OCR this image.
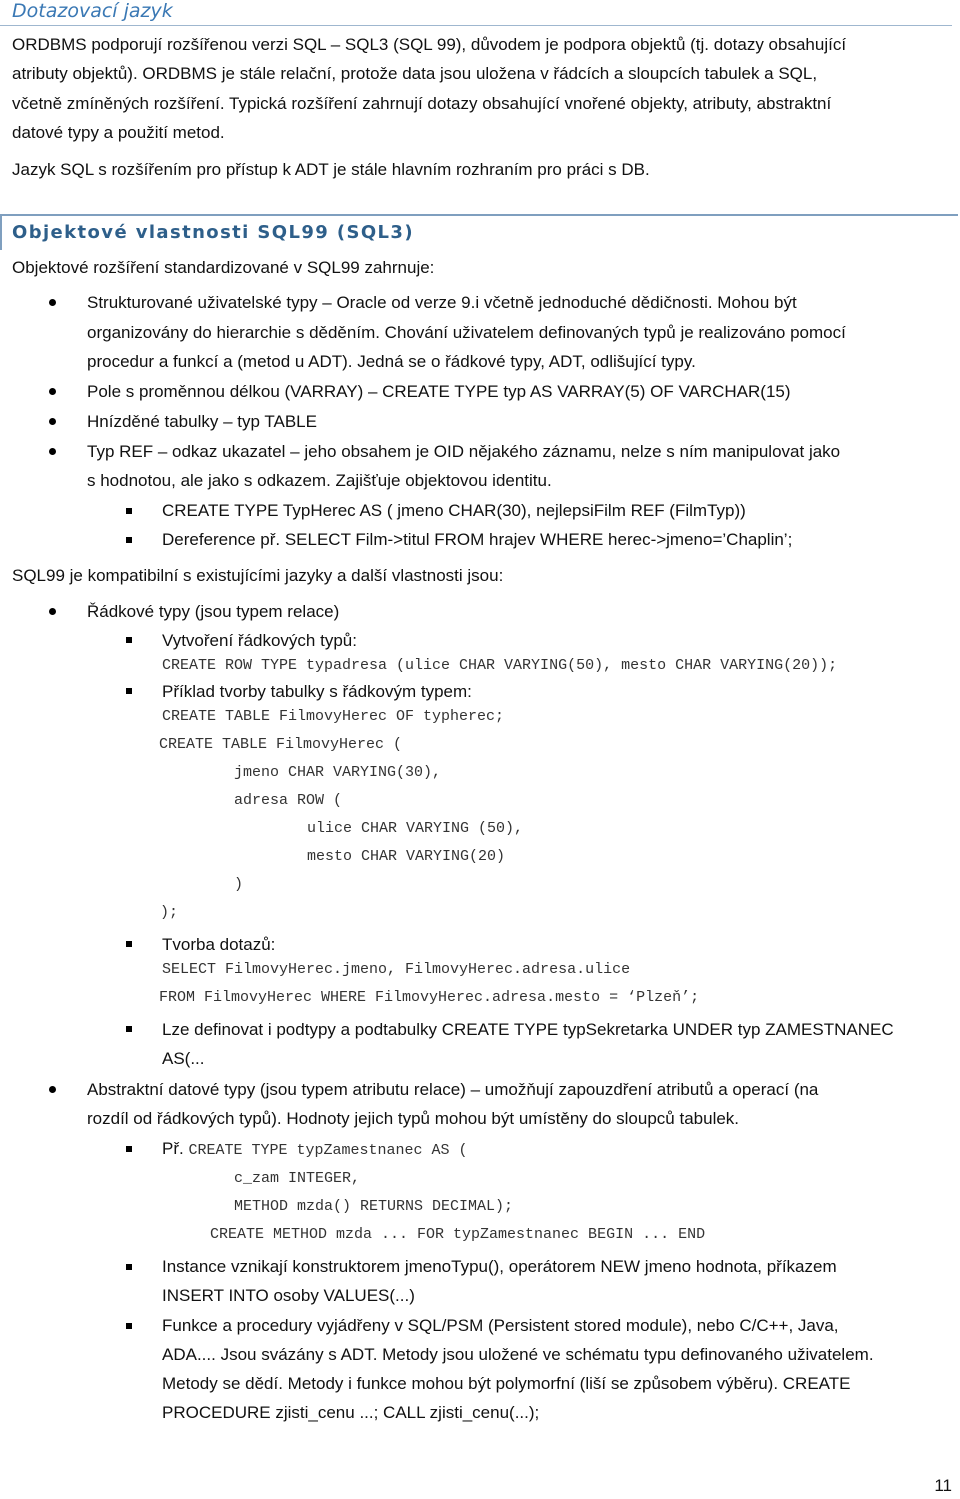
Dotazovací jazyk
ORDBMS podporují rozšířenou verzi SQL – SQL3 (SQL 99), důvodem je podpora objektů (tj. dotazy obsahující
atributy objektů). ORDBMS je stále relační, protože data jsou uložena v řádcích a sloupcích tabulek a SQL,
včetně zmíněných rozšíření. Typická rozšíření zahrnují dotazy obsahující vnořené objekty, atributy, abstraktní
datové typy a použití metod.
Jazyk SQL s rozšířením pro přístup k ADT je stále hlavním rozhraním pro práci s DB.
Objektové vlastnosti SQL99 (SQL3)
Objektové rozšíření standardizované v SQL99 zahrnuje:
Strukturované uživatelské typy – Oracle od verze 9.i včetně jednoduché dědičnosti. Mohou být
organizovány do hierarchie s děděním. Chování uživatelem definovaných typů je realizováno pomocí
procedur a funkcí a (metod u ADT). Jedná se o řádkové typy, ADT, odlišující typy.
Pole s proměnnou délkou (VARRAY) – CREATE TYPE typ AS VARRAY(5) OF VARCHAR(15)
Hnízděné tabulky – typ TABLE
Typ REF – odkaz ukazatel – jeho obsahem je OID nějakého záznamu, nelze s ním manipulovat jako
s hodnotou, ale jako s odkazem. Zajišťuje objektovou identitu.
CREATE TYPE TypHerec AS ( jmeno CHAR(30), nejlepsiFilm REF (FilmTyp))
Dereference př. SELECT Film->titul FROM hrajev WHERE herec->jmeno=’Chaplin’;
SQL99 je kompatibilní s existujícími jazyky a další vlastnosti jsou:
Řádkové typy (jsou typem relace)
Vytvoření řádkových typů:
CREATE ROW TYPE typadresa (ulice CHAR VARYING(50), mesto CHAR VARYING(20));
Příklad tvorby tabulky s řádkovým typem:
CREATE TABLE FilmovyHerec OF typherec;
CREATE TABLE FilmovyHerec (
jmeno CHAR VARYING(30),
adresa ROW (
ulice CHAR VARYING (50),
mesto CHAR VARYING(20)
)
);
Tvorba dotazů:
SELECT FilmovyHerec.jmeno, FilmovyHerec.adresa.ulice
FROM FilmovyHerec WHERE FilmovyHerec.adresa.mesto = ‘Plzeň’;
Lze definovat i podtypy a podtabulky CREATE TYPE typSekretarka UNDER typ ZAMESTNANEC
AS(...
Abstraktní datové typy (jsou typem atributu relace) – umožňují zapouzdření atributů a operací (na
rozdíl od řádkových typů). Hodnoty jejich typů mohou být umístěny do sloupců tabulek.
Př. CREATE TYPE typZamestnanec AS (
c_zam INTEGER,
METHOD mzda() RETURNS DECIMAL);
CREATE METHOD mzda ... FOR typZamestnanec BEGIN ... END
Instance vznikají konstruktorem jmenoTypu(), operátorem NEW jmeno hodnota, příkazem
INSERT INTO osoby VALUES(...)
Funkce a procedury vyjádřeny v SQL/PSM (Persistent stored module), nebo C/C++, Java,
ADA.... Jsou svázány s ADT. Metody jsou uložené ve schématu typu definovaného uživatelem.
Metody se dědí. Metody i funkce mohou být polymorfní (liší se způsobem výběru). CREATE
PROCEDURE zjisti_cenu ...; CALL zjisti_cenu(...);
11
